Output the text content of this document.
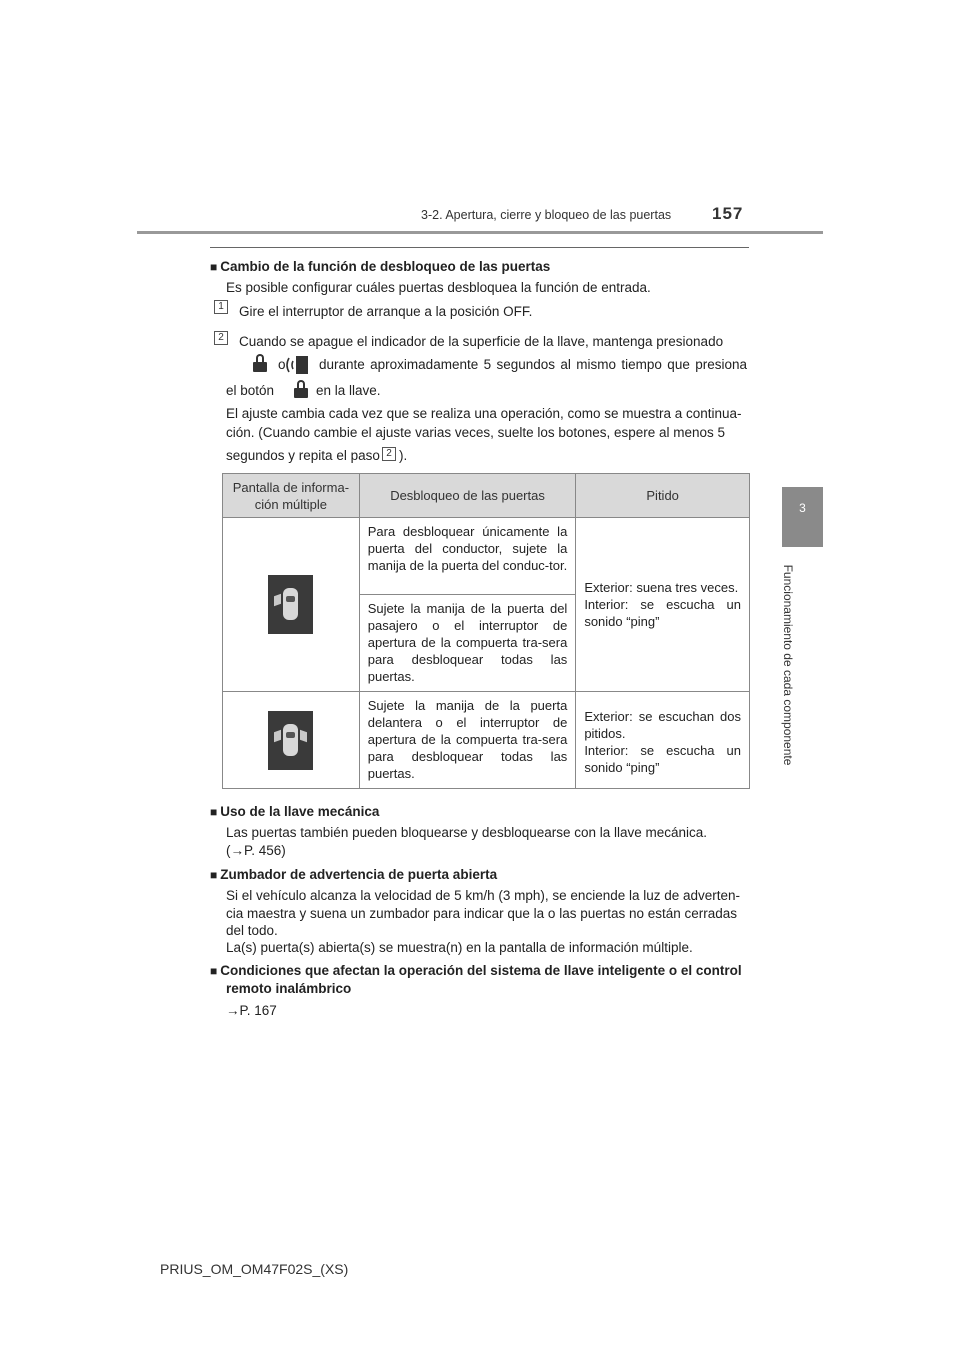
3-2. Apertura, cierre y bloqueo de las puertas 157
3
Funcionamiento de cada componente
■ Cambio de la función de desbloqueo de las puertas
Es posible configurar cuáles puertas desbloquea la función de entrada.
1	Gire el interruptor de arranque a la posición OFF.
2	Cuando se apague el indicador de la superficie de la llave, mantenga presionado
o durante aproximadamente 5 segundos al mismo tiempo que presiona
el botón	en la llave.
El ajuste cambia cada vez que se realiza una operación, como se muestra a continua-
ción. (Cuando cambie el ajuste varias veces, suelte los botones, espere al menos 5
segundos y repita el paso 2 ).
Pantalla de informa-ción múltiple	Desbloqueo de las puertas	Pitido

	Para desbloquear únicamente la puerta del conductor, sujete la manija de la puerta del conduc-tor.	Exterior: suena tres veces.
Interior: se escucha un sonido “ping”
	Sujete la manija de la puerta del pasajero o el interruptor de apertura de la compuerta tra-sera para desbloquear todas las puertas.	

	Sujete la manija de la puerta delantera o el interruptor de apertura de la compuerta tra-sera para desbloquear todas las puertas.	Exterior: se escuchan dos pitidos.
Interior: se escucha un sonido “ping”
■ Uso de la llave mecánica
Las puertas también pueden bloquearse y desbloquearse con la llave mecánica.
(→P. 456)
■ Zumbador de advertencia de puerta abierta
Si el vehículo alcanza la velocidad de 5 km/h (3 mph), se enciende la luz de adverten-
cia maestra y suena un zumbador para indicar que la o las puertas no están cerradas
del todo.
La(s) puerta(s) abierta(s) se muestra(n) en la pantalla de información múltiple.
■ Condiciones que afectan la operación del sistema de llave inteligente o el control
remoto inalámbrico
→P. 167
PRIUS_OM_OM47F02S_(XS)
